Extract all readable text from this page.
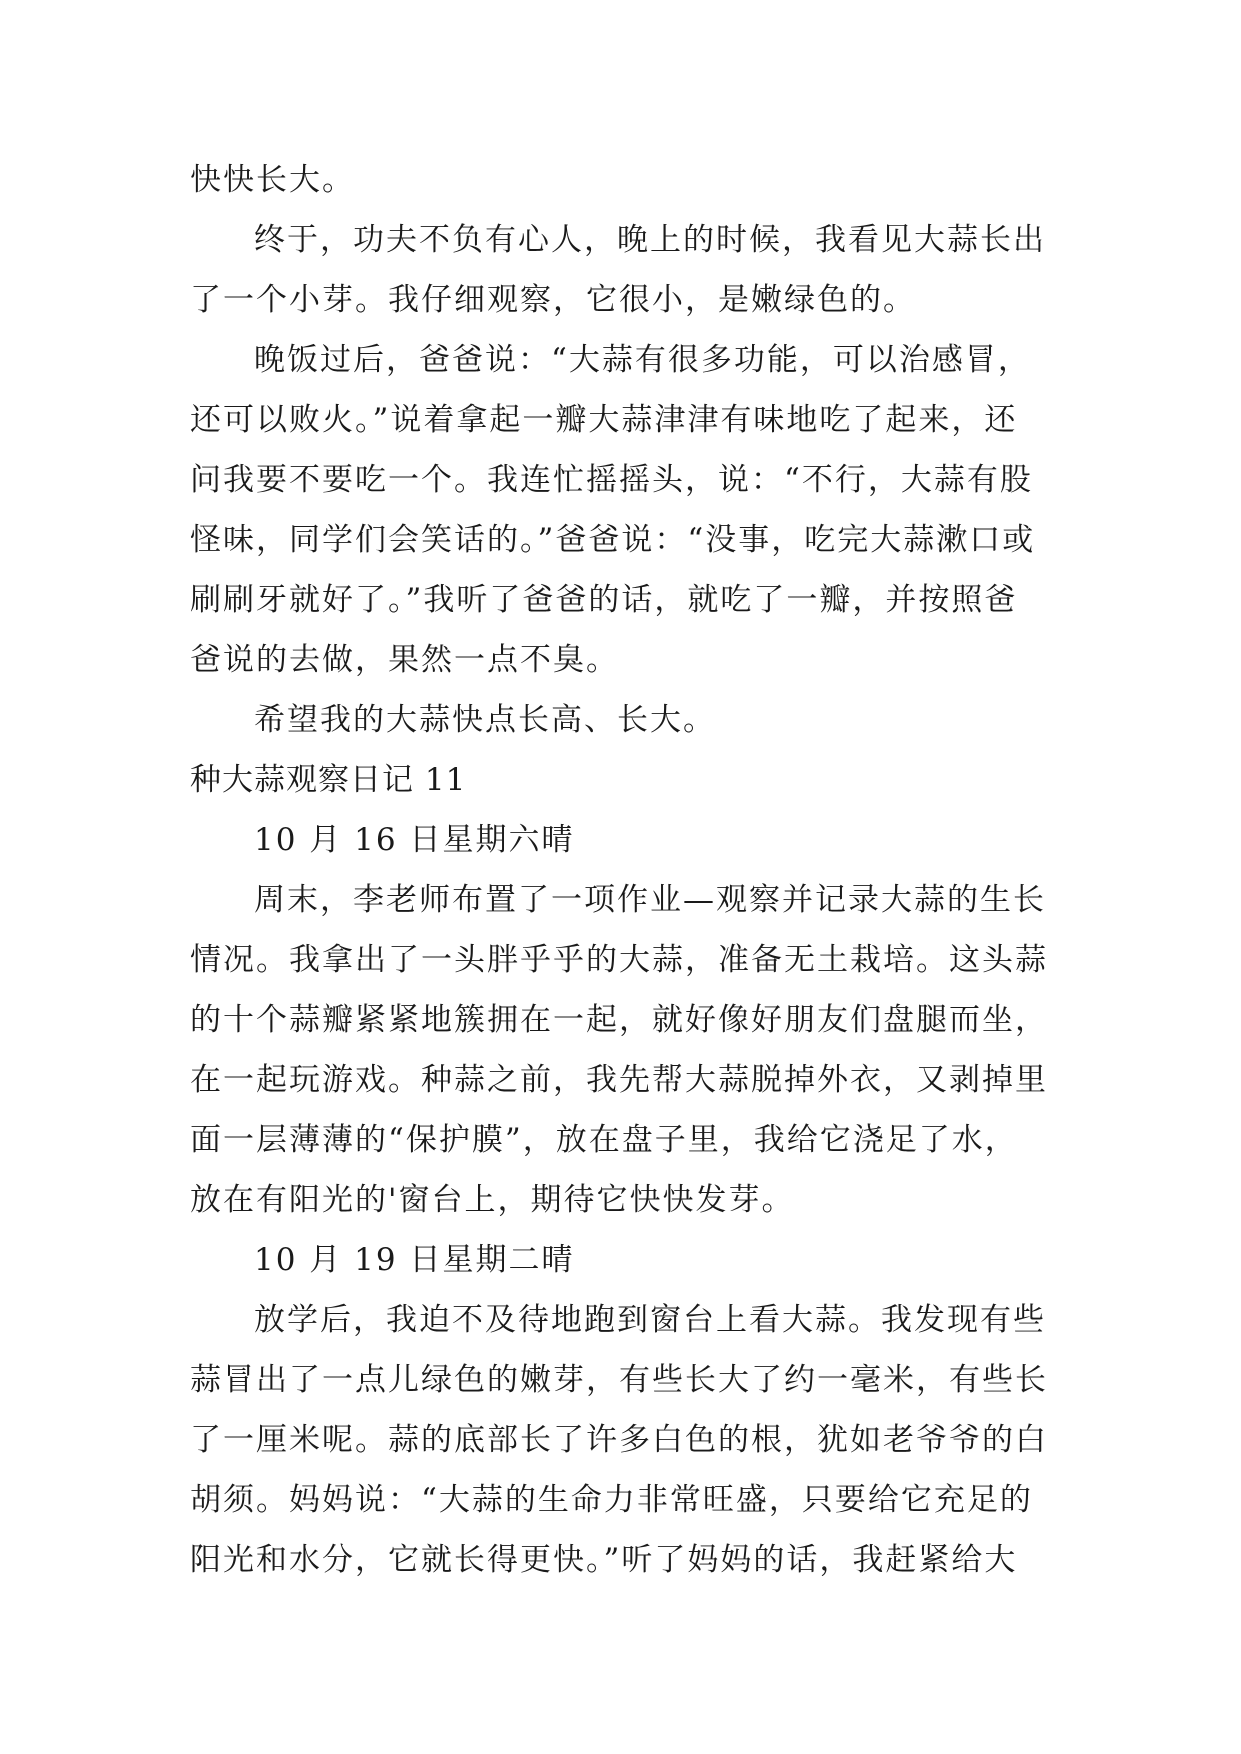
快快长大。
终于，功夫不负有心人，晚上的时候，我看见大蒜长出
了一个小芽。我仔细观察，它很小，是嫩绿色的。
晚饭过后，爸爸说：“大蒜有很多功能，可以治感冒，
还可以败火。”说着拿起一瓣大蒜津津有味地吃了起来，还
问我要不要吃一个。我连忙摇摇头，说：“不行，大蒜有股
怪味，同学们会笑话的。”爸爸说：“没事，吃完大蒜漱口或
刷刷牙就好了。”我听了爸爸的话，就吃了一瓣，并按照爸
爸说的去做，果然一点不臭。
希望我的大蒜快点长高、长大。
种大蒜观察日记 11
10 月 16 日星期六晴
周末，李老师布置了一项作业—观察并记录大蒜的生长
情况。我拿出了一头胖乎乎的大蒜，准备无土栽培。这头蒜
的十个蒜瓣紧紧地簇拥在一起，就好像好朋友们盘腿而坐，
在一起玩游戏。种蒜之前，我先帮大蒜脱掉外衣，又剥掉里
面一层薄薄的“保护膜”，放在盘子里，我给它浇足了水，
放在有阳光的'窗台上，期待它快快发芽。
10 月 19 日星期二晴
放学后，我迫不及待地跑到窗台上看大蒜。我发现有些
蒜冒出了一点儿绿色的嫩芽，有些长大了约一毫米，有些长
了一厘米呢。蒜的底部长了许多白色的根，犹如老爷爷的白
胡须。妈妈说：“大蒜的生命力非常旺盛，只要给它充足的
阳光和水分，它就长得更快。”听了妈妈的话，我赶紧给大
